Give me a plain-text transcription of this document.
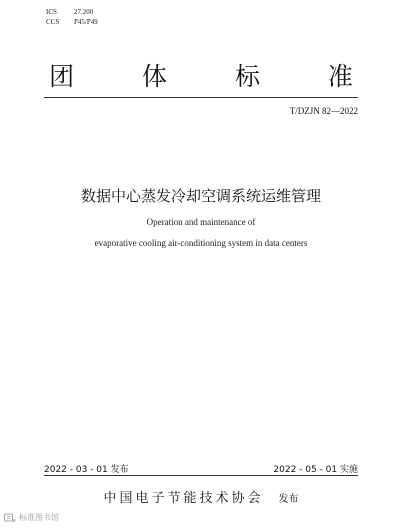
ICS	27.200
CCS	P45/P49
团 体 标 准
T/DZJN 82—2022
数据中心蒸发冷却空调系统运维管理
Operation and maintenance of
evaporative cooling air-conditioning system in data centers
2022 - 03 - 01 发布	2022 - 05 - 01 实施
中国电子节能技术协会 发布
标准图书馆
